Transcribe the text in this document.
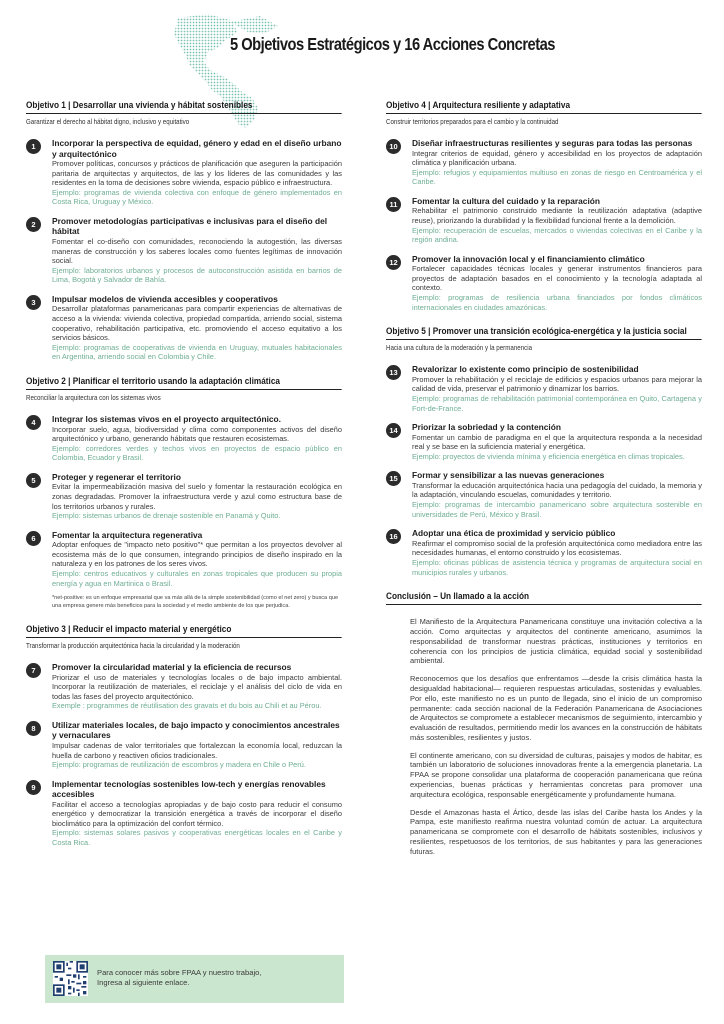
5 Objetivos Estratégicos y 16 Acciones Concretas
Objetivo 1 | Desarrollar una vivienda y hábitat sostenibles
Garantizar el derecho al hábitat digno, inclusivo y equitativo
1	Incorporar la perspectiva de equidad, género y edad en el diseño urbano y arquitectónico
Promover políticas, concursos y prácticos de planificación que aseguren la participación paritaria de arquitectas y arquitectos, de las y los líderes de las comunidades y las residentes en la toma de decisiones sobre vivienda, espacio público e infraestructura.
Ejemplo: programas de vivienda colectiva con enfoque de género implementados en Costa Rica, Uruguay y México.
2	Promover metodologías participativas e inclusivas para el diseño del hábitat
Fomentar el co-diseño con comunidades, reconociendo la autogestión, las diversas maneras de construcción y los saberes locales como fuentes legítimas de innovación social.
Ejemplo: laboratorios urbanos y procesos de autoconstrucción asistida en barrios de Lima, Bogotá y Salvador de Bahía.
3	Impulsar modelos de vivienda accesibles y cooperativos
Desarrollar plataformas panamericanas para compartir experiencias de alternativas de acceso a la vivienda: vivienda colectiva, propiedad compartida, arriendo social, sistema cooperativo, rehabilitación participativa, etc. promoviendo el acceso equitativo a los servicios básicos.
Ejemplo: programas de cooperativas de vivienda en Uruguay, mutuales habitacionales en Argentina, arriendo social en Colombia y Chile.
Objetivo 2 | Planificar el territorio usando la adaptación climática
Reconciliar la arquitectura con los sistemas vivos
4	Integrar los sistemas vivos en el proyecto arquitectónico.
Incorporar suelo, agua, biodiversidad y clima como componentes activos del diseño arquitectónico y urbano, generando hábitats que restauren ecosistemas.
Ejemplo: corredores verdes y techos vivos en proyectos de espacio público en Colombia, Ecuador y Brasil.
5	Proteger y regenerar el territorio
Evitar la impermeabilización masiva del suelo y fomentar la restauración ecológica en zonas degradadas. Promover la infraestructura verde y azul como estructura base de los territorios urbanos y rurales.
Ejemplo: sistemas urbanos de drenaje sostenible en Panamá y Quito.
6	Fomentar la arquitectura regenerativa
Adoptar enfoques de "impacto neto positivo"* que permitan a los proyectos devolver al ecosistema más de lo que consumen, integrando principios de diseño inspirado en la naturaleza y en los patrones de los seres vivos.
Ejemplo: centros educativos y culturales en zonas tropicales que producen su propia energía y agua en Martinica o Brasil.
*net-positive: es un enfoque empresarial que va más allá de la simple sostenibilidad (como el net zero) y busca que una empresa genere más beneficios para la sociedad y el medio ambiente de los que perjudica.
Objetivo 3 | Reducir el impacto material y energético
Transformar la producción arquitectónica hacia la circularidad y la moderación
7	Promover la circularidad material y la eficiencia de recursos
Priorizar el uso de materiales y tecnologías locales o de bajo impacto ambiental. Incorporar la reutilización de materiales, el reciclaje y el análisis del ciclo de vida en todas las fases del proyecto arquitectónico.
Exemple : programmes de réutilisation des gravats et du bois au Chili et au Pérou.
8	Utilizar materiales locales, de bajo impacto y conocimientos ancestrales y vernaculares
Impulsar cadenas de valor territoriales que fortalezcan la economía local, reduzcan la huella de carbono y reactiven oficios tradicionales.
Ejemplo: programas de reutilización de escombros y madera en Chile o Perú.
9	Implementar tecnologías sostenibles low-tech y energías renovables accesibles
Facilitar el acceso a tecnologías apropiadas y de bajo costo para reducir el consumo energético y democratizar la transición energética a través de incorporar el diseño bioclimático para la optimización del confort térmico.
Ejemplo: sistemas solares pasivos y cooperativas energéticas locales en el Caribe y Costa Rica.
Objetivo 4 | Arquitectura resiliente y adaptativa
Construir territorios preparados para el cambio y la continuidad
10	Diseñar infraestructuras resilientes y seguras para todas las personas
Integrar criterios de equidad, género y accesibilidad en los proyectos de adaptación climática y planificación urbana.
Ejemplo: refugios y equipamientos multiuso en zonas de riesgo en Centroamérica y el Caribe.
11	Fomentar la cultura del cuidado y la reparación
Rehabilitar el patrimonio construido mediante la reutilización adaptativa (adaptive reuse), priorizando la durabilidad y la flexibilidad funcional frente a la demolición.
Ejemplo: recuperación de escuelas, mercados o viviendas colectivas en el Caribe y la región andina.
12	Promover la innovación local y el financiamiento climático
Fortalecer capacidades técnicas locales y generar instrumentos financieros para proyectos de adaptación basados en el conocimiento y la tecnología adaptada al contexto.
Ejemplo: programas de resiliencia urbana financiados por fondos climáticos internacionales en ciudades amazónicas.
Objetivo 5 | Promover una transición ecológica-energética y la justicia social
Hacia una cultura de la moderación y la permanencia
13	Revalorizar lo existente como principio de sostenibilidad
Promover la rehabilitación y el reciclaje de edificios y espacios urbanos para mejorar la calidad de vida, preservar el patrimonio y dinamizar los barrios.
Ejemplo: programas de rehabilitación patrimonial contemporánea en Quito, Cartagena y Fort-de-France.
14	Priorizar la sobriedad y la contención
Fomentar un cambio de paradigma en el que la arquitectura responda a la necesidad real y se base en la suficiencia material y energética.
Ejemplo: proyectos de vivienda mínima y eficiencia energética en climas tropicales.
15	Formar y sensibilizar a las nuevas generaciones
Transformar la educación arquitectónica hacia una pedagogía del cuidado, la memoria y la adaptación, vinculando escuelas, comunidades y territorio.
Ejemplo: programas de intercambio panamericano sobre arquitectura sostenible en universidades de Perú, México y Brasil.
16	Adoptar una ética de proximidad y servicio público
Reafirmar el compromiso social de la profesión arquitectónica como mediadora entre las necesidades humanas, el entorno construido y los ecosistemas.
Ejemplo: oficinas públicas de asistencia técnica y programas de arquitectura social en municipios rurales y urbanos.
Conclusión – Un llamado a la acción

El Manifiesto de la Arquitectura Panamericana constituye una invitación colectiva a la acción. Como arquitectas y arquitectos del continente americano, asumimos la responsabilidad de transformar nuestras prácticas, instituciones y territorios en coherencia con los principios de justicia climática, equidad social y sostenibilidad ambiental.

Reconocemos que los desafíos que enfrentamos —desde la crisis climática hasta la desigualdad habitacional— requieren respuestas articuladas, sostenidas y evaluables. Por ello, este manifiesto no es un punto de llegada, sino el inicio de un compromiso permanente: cada sección nacional de la Federación Panamericana de Asociaciones de Arquitectos se compromete a establecer mecanismos de seguimiento, intercambio y evaluación de resultados, permitiendo medir los avances en la construcción de hábitats más sostenibles, resilientes y justos.

El continente americano, con su diversidad de culturas, paisajes y modos de habitar, es también un laboratorio de soluciones innovadoras frente a la emergencia planetaria. La FPAA se propone consolidar una plataforma de cooperación panamericana que reúna experiencias, buenas prácticas y herramientas concretas para promover una arquitectura ecológica, responsable energéticamente y profundamente humana.

Desde el Amazonas hasta el Ártico, desde las islas del Caribe hasta los Andes y la Pampa, este manifiesto reafirma nuestra voluntad común de actuar. La arquitectura panamericana se compromete con el desarrollo de hábitats sostenibles, inclusivos y resilientes, respetuosos de los territorios, de sus habitantes y para las generaciones futuras.

Para conocer más sobre FPAA y nuestro trabajo,
Ingresa al siguiente enlace.
